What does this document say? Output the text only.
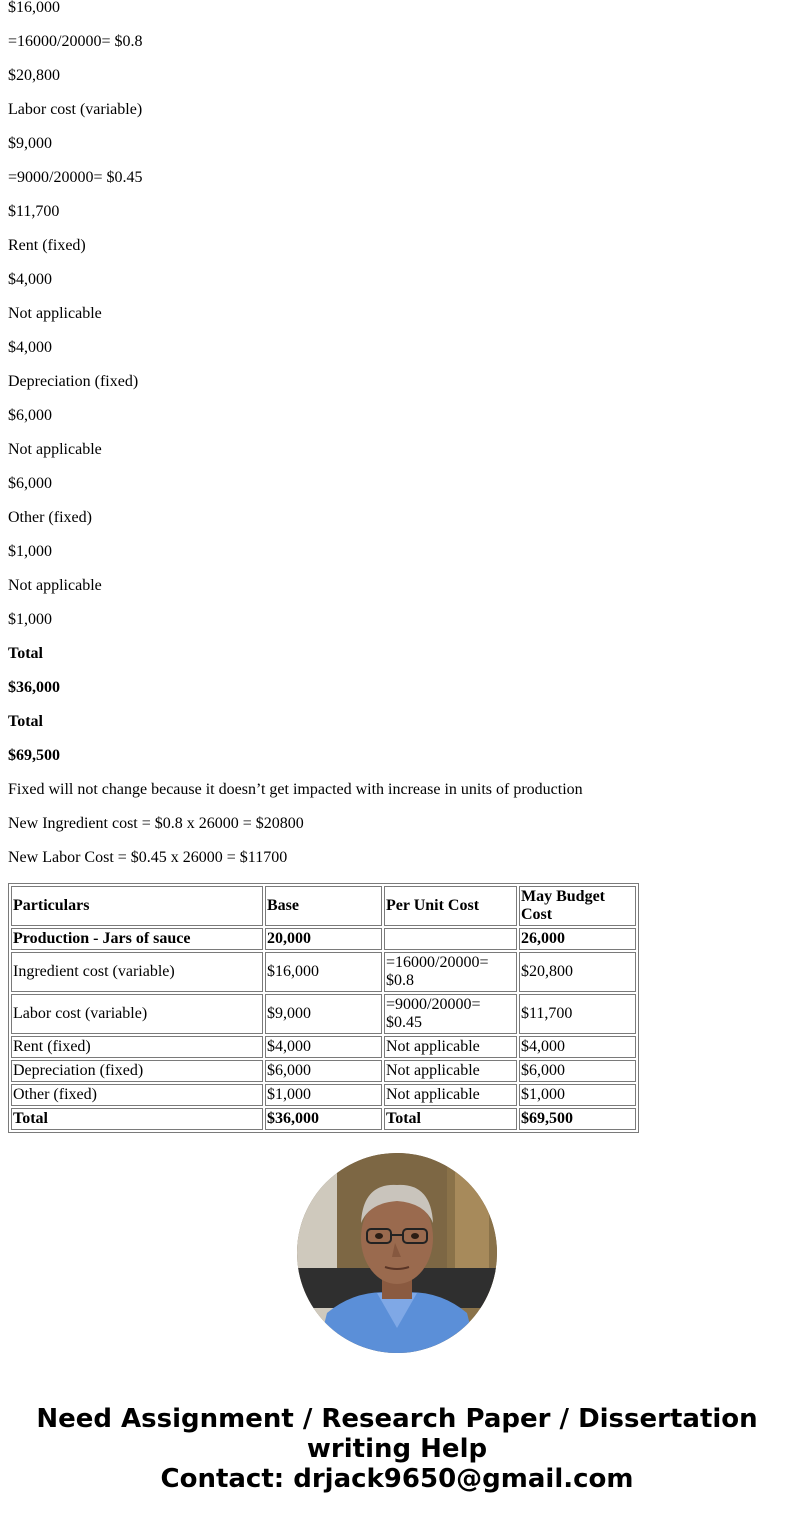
$16,000

=16000/20000= $0.8

$20,800

Labor cost (variable)

$9,000

=9000/20000= $0.45

$11,700

Rent (fixed)

$4,000

Not applicable

$4,000

Depreciation (fixed)

$6,000

Not applicable

$6,000

Other (fixed)

$1,000

Not applicable

$1,000

Total

$36,000

Total

$69,500

Fixed will not change because it doesn’t get impacted with increase in units of production

New Ingredient cost = $0.8 x 26000 = $20800

New Labor Cost = $0.45 x 26000 = $11700

Particulars	Base	Per Unit Cost	May Budget Cost
Production - Jars of sauce	20,000		26,000
Ingredient cost (variable)	$16,000	=16000/20000= $0.8	$20,800
Labor cost (variable)	$9,000	=9000/20000= $0.45	$11,700
Rent (fixed)	$4,000	Not applicable	$4,000
Depreciation (fixed)	$6,000	Not applicable	$6,000
Other (fixed)	$1,000	Not applicable	$1,000
Total	$36,000	Total	$69,500
Need Assignment / Research Paper / Dissertation
writing Help
Contact: drjack9650@gmail.com
